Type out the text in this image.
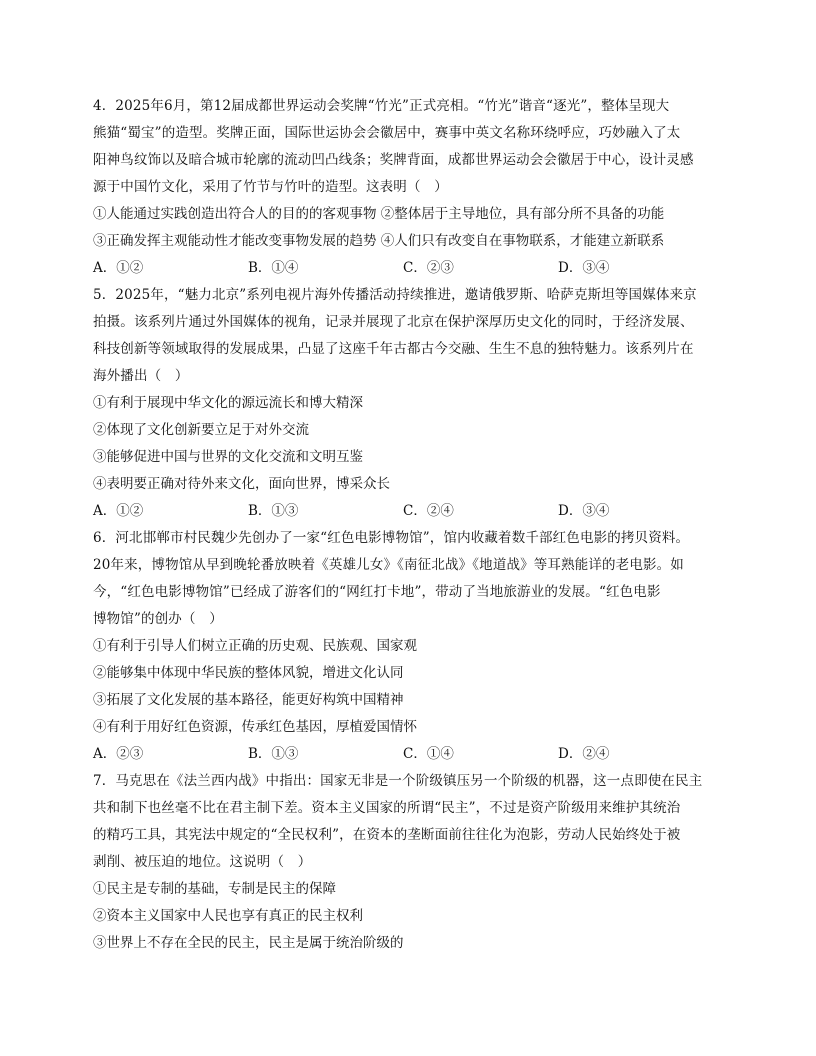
4．2025年6月，第12届成都世界运动会奖牌“竹光”正式亮相。“竹光”谐音“逐光”，整体呈现大
熊猫“蜀宝”的造型。奖牌正面，国际世运协会会徽居中，赛事中英文名称环绕呼应，巧妙融入了太
阳神鸟纹饰以及暗合城市轮廓的流动凹凸线条；奖牌背面，成都世界运动会会徽居于中心，设计灵感
源于中国竹文化，采用了竹节与竹叶的造型。这表明（　）
①人能通过实践创造出符合人的目的的客观事物 ②整体居于主导地位，具有部分所不具备的功能
③正确发挥主观能动性才能改变事物发展的趋势 ④人们只有改变自在事物联系，才能建立新联系
A．①②	B．①④	C．②③	D．③④
5．2025年，“魅力北京”系列电视片海外传播活动持续推进，邀请俄罗斯、哈萨克斯坦等国媒体来京
拍摄。该系列片通过外国媒体的视角，记录并展现了北京在保护深厚历史文化的同时，于经济发展、
科技创新等领域取得的发展成果，凸显了这座千年古都古今交融、生生不息的独特魅力。该系列片在
海外播出（　）
①有利于展现中华文化的源远流长和博大精深
②体现了文化创新要立足于对外交流
③能够促进中国与世界的文化交流和文明互鉴
④表明要正确对待外来文化，面向世界，博采众长
A．①②	B．①③	C．②④	D．③④
6．河北邯郸市村民魏少先创办了一家“红色电影博物馆”，馆内收藏着数千部红色电影的拷贝资料。
20年来，博物馆从早到晚轮番放映着《英雄儿女》《南征北战》《地道战》等耳熟能详的老电影。如
今，“红色电影博物馆”已经成了游客们的“网红打卡地”，带动了当地旅游业的发展。“红色电影
博物馆”的创办（　）
①有利于引导人们树立正确的历史观、民族观、国家观
②能够集中体现中华民族的整体风貌，增进文化认同
③拓展了文化发展的基本路径，能更好构筑中国精神
④有利于用好红色资源，传承红色基因，厚植爱国情怀
A．②③	B．①③	C．①④	D．②④
7．马克思在《法兰西内战》中指出：国家无非是一个阶级镇压另一个阶级的机器，这一点即使在民主
共和制下也丝毫不比在君主制下差。资本主义国家的所谓“民主”，不过是资产阶级用来维护其统治
的精巧工具，其宪法中规定的“全民权利”，在资本的垄断面前往往化为泡影，劳动人民始终处于被
剥削、被压迫的地位。这说明（　）
①民主是专制的基础，专制是民主的保障
②资本主义国家中人民也享有真正的民主权利
③世界上不存在全民的民主，民主是属于统治阶级的
